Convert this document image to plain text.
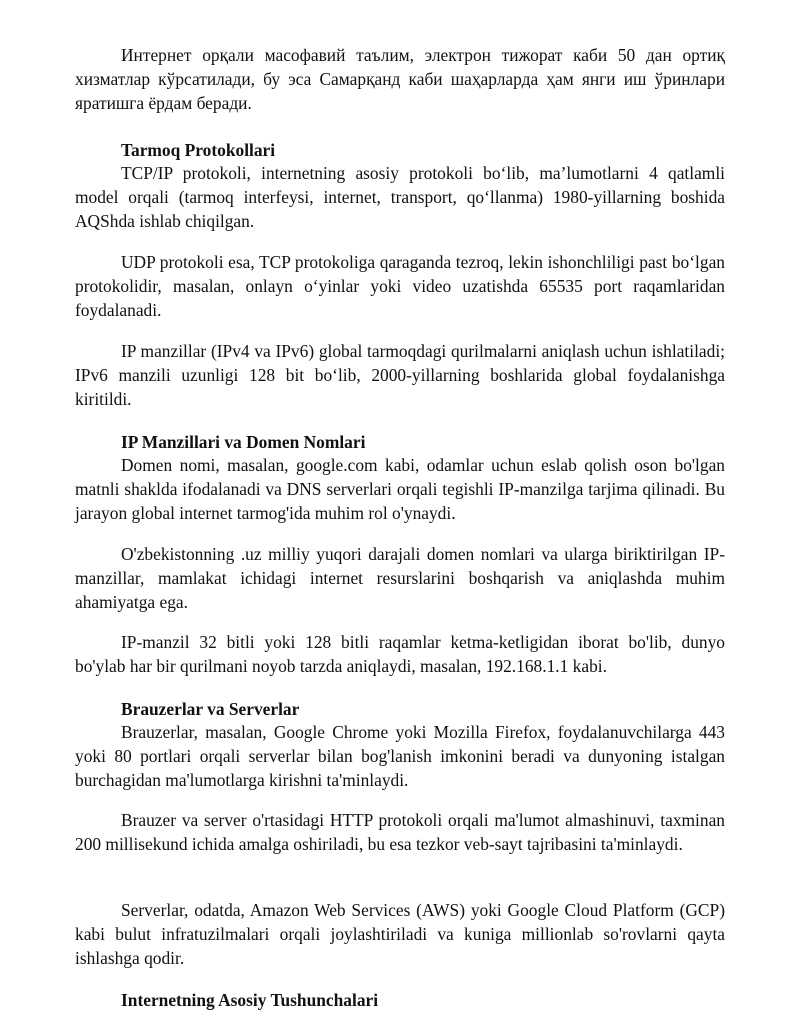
Интернет орқали масофавий таълим, электрон тижорат каби 50 дан ортиқ хизматлар кўрсатилади, бу эса Самарқанд каби шаҳарларда ҳам янги иш ўринлари яратишга ёрдам беради.

Tarmoq Protokollari

TCP/IP protokoli, internetning asosiy protokoli boʻlib, ma’lumotlarni 4 qatlamli model orqali (tarmoq interfeysi, internet, transport, qoʻllanma) 1980-yillarning boshida AQShda ishlab chiqilgan.

UDP protokoli esa, TCP protokoliga qaraganda tezroq, lekin ishonchliligi past boʻlgan protokolidir, masalan, onlayn oʻyinlar yoki video uzatishda 65535 port raqamlaridan foydalanadi.

IP manzillar (IPv4 va IPv6) global tarmoqdagi qurilmalarni aniqlash uchun ishlatiladi; IPv6 manzili uzunligi 128 bit boʻlib, 2000-yillarning boshlarida global foydalanishga kiritildi.

IP Manzillari va Domen Nomlari

Domen nomi, masalan, google.com kabi, odamlar uchun eslab qolish oson bo'lgan matnli shaklda ifodalanadi va DNS serverlari orqali tegishli IP-manzilga tarjima qilinadi. Bu jarayon global internet tarmog'ida muhim rol o'ynaydi.

O'zbekistonning .uz milliy yuqori darajali domen nomlari va ularga biriktirilgan IP-manzillar, mamlakat ichidagi internet resurslarini boshqarish va aniqlashda muhim ahamiyatga ega.

IP-manzil 32 bitli yoki 128 bitli raqamlar ketma-ketligidan iborat bo'lib, dunyo bo'ylab har bir qurilmani noyob tarzda aniqlaydi, masalan, 192.168.1.1 kabi.

Brauzerlar va Serverlar

Brauzerlar, masalan, Google Chrome yoki Mozilla Firefox, foydalanuvchilarga 443 yoki 80 portlari orqali serverlar bilan bog'lanish imkonini beradi va dunyoning istalgan burchagidan ma'lumotlarga kirishni ta'minlaydi.

Brauzer va server o'rtasidagi HTTP protokoli orqali ma'lumot almashinuvi, taxminan 200 millisekund ichida amalga oshiriladi, bu esa tezkor veb-sayt tajribasini ta'minlaydi.

Serverlar, odatda, Amazon Web Services (AWS) yoki Google Cloud Platform (GCP) kabi bulut infratuzilmalari orqali joylashtiriladi va kuniga millionlab so'rovlarni qayta ishlashga qodir.

Internetning Asosiy Tushunchalari
